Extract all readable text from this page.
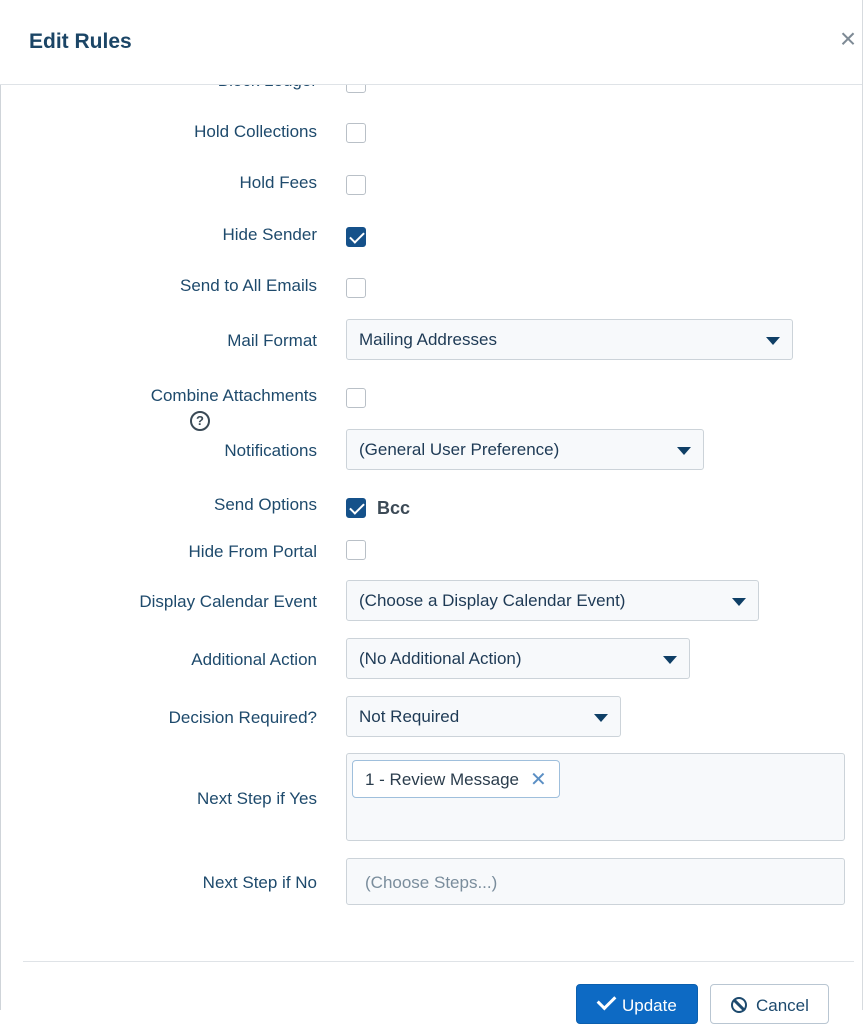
Edit Rules	×
Hold Collections
Hold Fees
Hide Sender
Send to All Emails
Mail Format Mailing Addresses
Combine Attachments
Notifications (General User Preference)
?
Send Options	Bcc
Hide From Portal
Display Calendar Event (Choose a Display Calendar Event)
Additional Action (No Additional Action)
Decision Required? Not Required
Next Step if Yes
1 - Review Message ✕
Next Step if No	(Choose Steps...)
Update	Cancel
